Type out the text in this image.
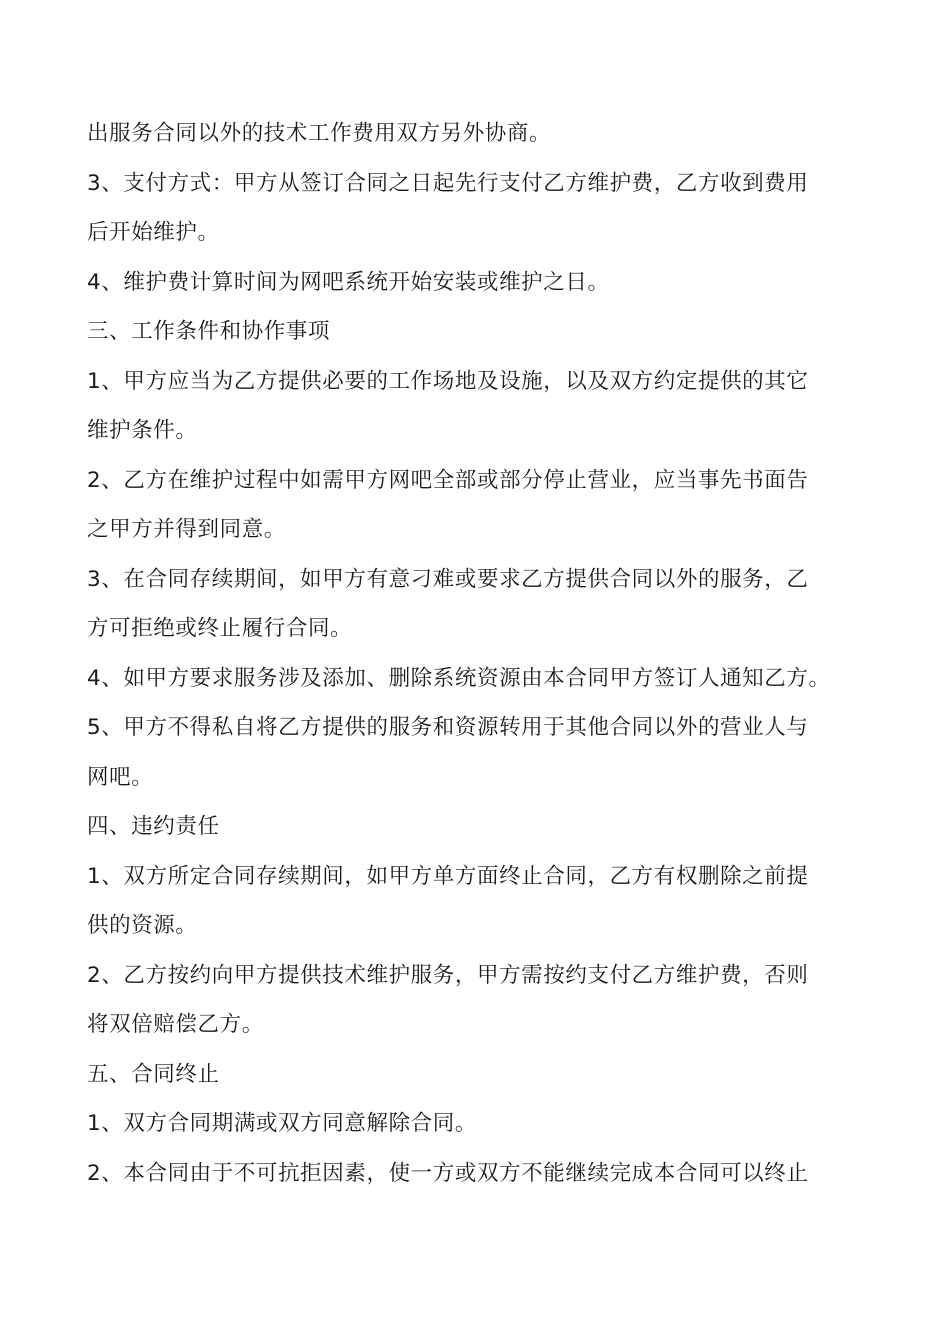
出服务合同以外的技术工作费用双方另外协商。
3、支付方式：甲方从签订合同之日起先行支付乙方维护费，乙方收到费用
后开始维护。
4、维护费计算时间为网吧系统开始安装或维护之日。
三、工作条件和协作事项
1、甲方应当为乙方提供必要的工作场地及设施，以及双方约定提供的其它
维护条件。
2、乙方在维护过程中如需甲方网吧全部或部分停止营业，应当事先书面告
之甲方并得到同意。
3、在合同存续期间，如甲方有意刁难或要求乙方提供合同以外的服务，乙
方可拒绝或终止履行合同。
4、如甲方要求服务涉及添加、删除系统资源由本合同甲方签订人通知乙方。
5、甲方不得私自将乙方提供的服务和资源转用于其他合同以外的营业人与
网吧。
四、违约责任
1、双方所定合同存续期间，如甲方单方面终止合同，乙方有权删除之前提
供的资源。
2、乙方按约向甲方提供技术维护服务，甲方需按约支付乙方维护费，否则
将双倍赔偿乙方。
五、合同终止
1、双方合同期满或双方同意解除合同。
2、本合同由于不可抗拒因素，使一方或双方不能继续完成本合同可以终止
